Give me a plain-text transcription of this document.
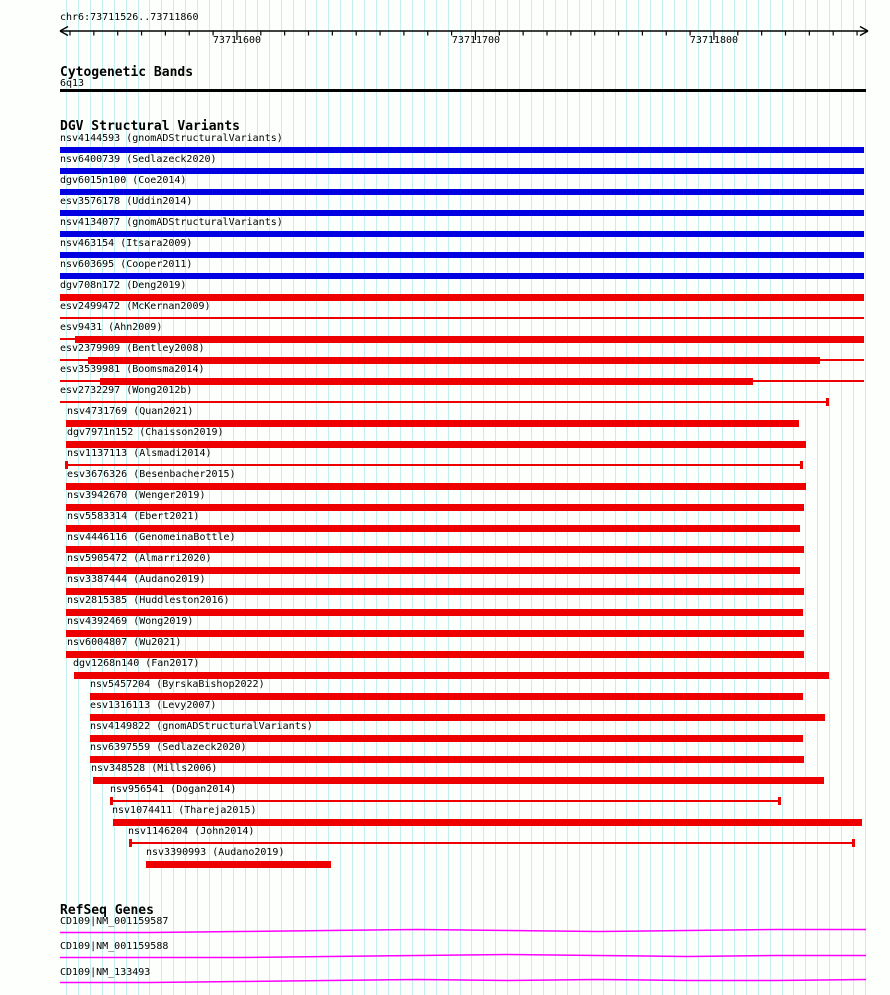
chr6:73711526..73711860
73711600	73711700	73711800
Cytogenetic Bands
6q13
DGV Structural Variants
nsv4144593 (gnomADStructuralVariants)
nsv6400739 (Sedlazeck2020)
dgv6015n100 (Coe2014)
esv3576178 (Uddin2014)
nsv4134077 (gnomADStructuralVariants)
nsv463154 (Itsara2009)
nsv603695 (Cooper2011)
dgv708n172 (Deng2019)
esv2499472 (McKernan2009)
esv9431 (Ahn2009)
esv2379909 (Bentley2008)
esv3539981 (Boomsma2014)
esv2732297 (Wong2012b)
nsv4731769 (Quan2021)
dgv7971n152 (Chaisson2019)
nsv1137113 (Alsmadi2014)
esv3676326 (Besenbacher2015)
nsv3942670 (Wenger2019)
nsv5583314 (Ebert2021)
nsv4446116 (GenomeinaBottle)
nsv5905472 (Almarri2020)
nsv3387444 (Audano2019)
nsv2815385 (Huddleston2016)
nsv4392469 (Wong2019)
nsv6004807 (Wu2021)
dgv1268n140 (Fan2017)
nsv5457204 (ByrskaBishop2022)
esv1316113 (Levy2007)
nsv4149822 (gnomADStructuralVariants)
nsv6397559 (Sedlazeck2020)
nsv348528 (Mills2006)
nsv956541 (Dogan2014)
nsv1074411 (Thareja2015)
nsv1146204 (John2014)
nsv3390993 (Audano2019)
RefSeq Genes
CD109|NM_001159587
CD109|NM_001159588
CD109|NM_133493
